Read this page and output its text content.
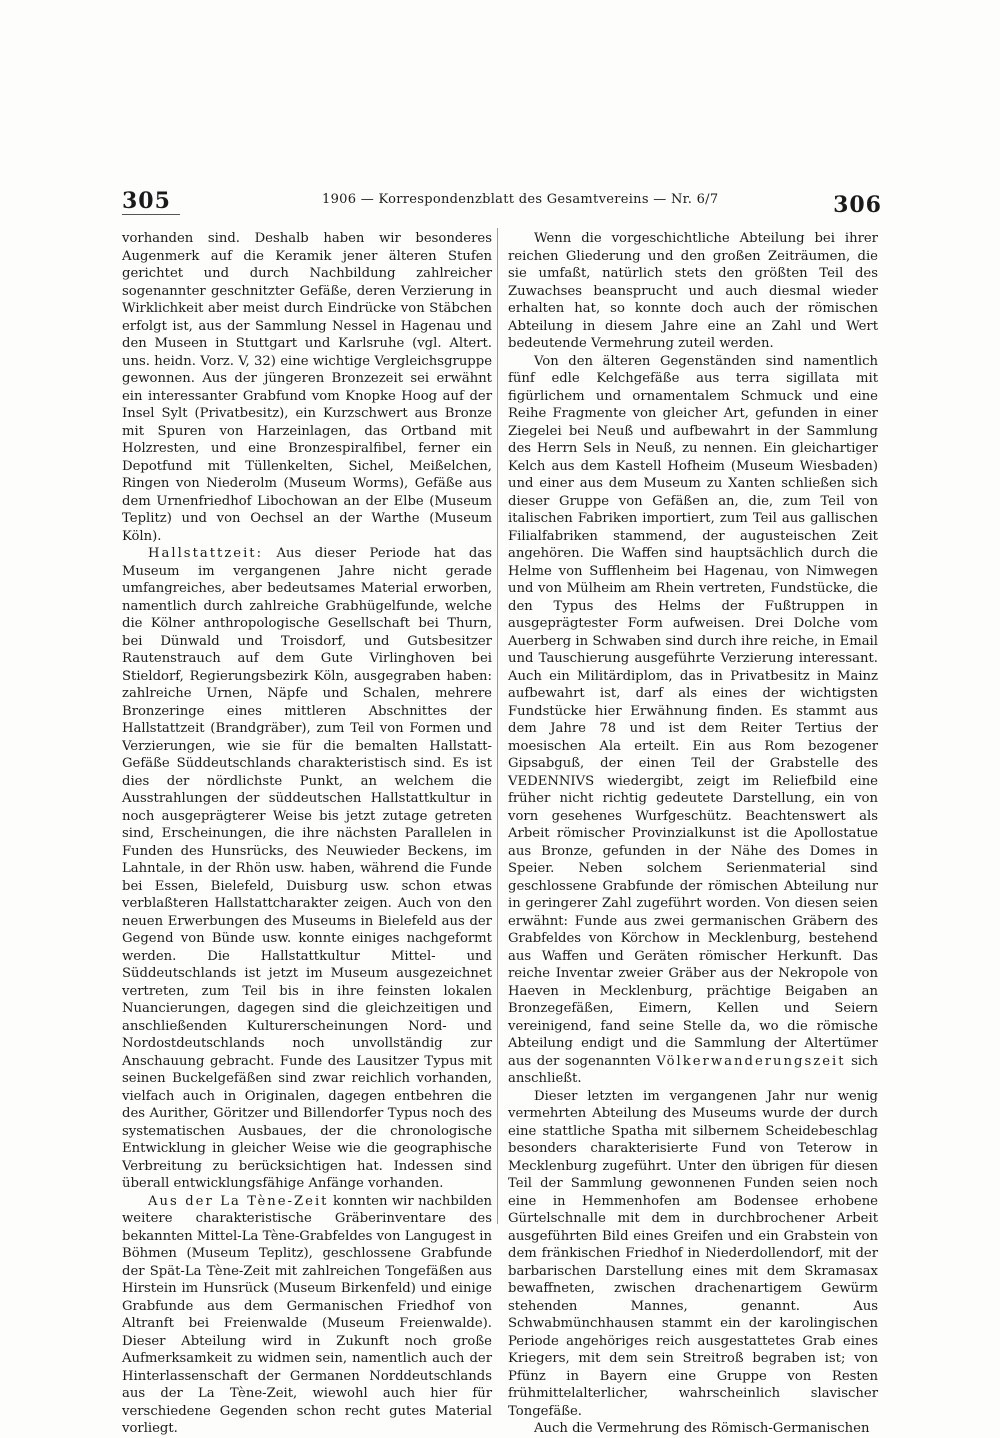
305	1906 — Korrespondenzblatt des Gesamtvereins — Nr. 6/7	306

vorhanden sind. Deshalb haben wir besonderes Augenmerk auf die Keramik jener älteren Stufen gerichtet und durch Nachbildung zahlreicher sogenannter geschnitzter Gefäße, deren Verzierung in Wirklichkeit aber meist durch Eindrücke von Stäbchen erfolgt ist, aus der Sammlung Nessel in Hagenau und den Museen in Stuttgart und Karlsruhe (vgl. Altert. uns. heidn. Vorz. V, 32) eine wichtige Vergleichsgruppe gewonnen. Aus der jüngeren Bronzezeit sei erwähnt ein interessanter Grabfund vom Knopke Hoog auf der Insel Sylt (Privatbesitz), ein Kurzschwert aus Bronze mit Spuren von Harzeinlagen, das Ortband mit Holzresten, und eine Bronzespiralfibel, ferner ein Depotfund mit Tüllenkelten, Sichel, Meißelchen, Ringen von Niederolm (Museum Worms), Gefäße aus dem Urnenfriedhof Libochowan an der Elbe (Museum Teplitz) und von Oechsel an der Warthe (Museum Köln).

Hallstattzeit: Aus dieser Periode hat das Museum im vergangenen Jahre nicht gerade umfangreiches, aber bedeutsames Material erworben, namentlich durch zahlreiche Grabhügelfunde, welche die Kölner anthropologische Gesellschaft bei Thurn, bei Dünwald und Troisdorf, und Gutsbesitzer Rautenstrauch auf dem Gute Virlinghoven bei Stieldorf, Regierungsbezirk Köln, ausgegraben haben: zahlreiche Urnen, Näpfe und Schalen, mehrere Bronzeringe eines mittleren Abschnittes der Hallstattzeit (Brandgräber), zum Teil von Formen und Verzierungen, wie sie für die bemalten Hallstatt-Gefäße Süddeutschlands charakteristisch sind. Es ist dies der nördlichste Punkt, an welchem die Ausstrahlungen der süddeutschen Hallstattkultur in noch ausgeprägterer Weise bis jetzt zutage getreten sind, Erscheinungen, die ihre nächsten Parallelen in Funden des Hunsrücks, des Neuwieder Beckens, im Lahntale, in der Rhön usw. haben, während die Funde bei Essen, Bielefeld, Duisburg usw. schon etwas verblaßteren Hallstattcharakter zeigen. Auch von den neuen Erwerbungen des Museums in Bielefeld aus der Gegend von Bünde usw. konnte einiges nachgeformt werden. Die Hallstattkultur Mittel- und Süddeutschlands ist jetzt im Museum ausgezeichnet vertreten, zum Teil bis in ihre feinsten lokalen Nuancierungen, dagegen sind die gleichzeitigen und anschließenden Kulturerscheinungen Nord- und Nordostdeutschlands noch unvollständig zur Anschauung gebracht. Funde des Lausitzer Typus mit seinen Buckelgefäßen sind zwar reichlich vorhanden, vielfach auch in Originalen, dagegen entbehren die des Aurither, Göritzer und Billendorfer Typus noch des systematischen Ausbaues, der die chronologische Entwicklung in gleicher Weise wie die geographische Verbreitung zu berücksichtigen hat. Indessen sind überall entwicklungsfähige Anfänge vorhanden.

Aus der La Tène-Zeit konnten wir nachbilden weitere charakteristische Gräberinventare des bekannten Mittel-La Tène-Grabfeldes von Langugest in Böhmen (Museum Teplitz), geschlossene Grabfunde der Spät-La Tène-Zeit mit zahlreichen Tongefäßen aus Hirstein im Hunsrück (Museum Birkenfeld) und einige Grabfunde aus dem Germanischen Friedhof von Altranft bei Freienwalde (Museum Freienwalde). Dieser Abteilung wird in Zukunft noch große Aufmerksamkeit zu widmen sein, namentlich auch der Hinterlassenschaft der Germanen Norddeutschlands aus der La Tène-Zeit, wiewohl auch hier für verschiedene Gegenden schon recht gutes Material vorliegt.

Wenn die vorgeschichtliche Abteilung bei ihrer reichen Gliederung und den großen Zeiträumen, die sie umfaßt, natürlich stets den größten Teil des Zuwachses beansprucht und auch diesmal wieder erhalten hat, so konnte doch auch der römischen Abteilung in diesem Jahre eine an Zahl und Wert bedeutende Vermehrung zuteil werden.

Von den älteren Gegenständen sind namentlich fünf edle Kelchgefäße aus terra sigillata mit figürlichem und ornamentalem Schmuck und eine Reihe Fragmente von gleicher Art, gefunden in einer Ziegelei bei Neuß und aufbewahrt in der Sammlung des Herrn Sels in Neuß, zu nennen. Ein gleichartiger Kelch aus dem Kastell Hofheim (Museum Wiesbaden) und einer aus dem Museum zu Xanten schließen sich dieser Gruppe von Gefäßen an, die, zum Teil von italischen Fabriken importiert, zum Teil aus gallischen Filialfabriken stammend, der augusteischen Zeit angehören. Die Waffen sind hauptsächlich durch die Helme von Sufflenheim bei Hagenau, von Nimwegen und von Mülheim am Rhein vertreten, Fundstücke, die den Typus des Helms der Fußtruppen in ausgeprägtester Form aufweisen. Drei Dolche vom Auerberg in Schwaben sind durch ihre reiche, in Email und Tauschierung ausgeführte Verzierung interessant. Auch ein Militärdiplom, das in Privatbesitz in Mainz aufbewahrt ist, darf als eines der wichtigsten Fundstücke hier Erwähnung finden. Es stammt aus dem Jahre 78 und ist dem Reiter Tertius der moesischen Ala erteilt. Ein aus Rom bezogener Gipsabguß, der einen Teil der Grabstelle des VEDENNIVS wiedergibt, zeigt im Reliefbild eine früher nicht richtig gedeutete Darstellung, ein von vorn gesehenes Wurfgeschütz. Beachtenswert als Arbeit römischer Provinzialkunst ist die Apollostatue aus Bronze, gefunden in der Nähe des Domes in Speier. Neben solchem Serienmaterial sind geschlossene Grabfunde der römischen Abteilung nur in geringerer Zahl zugeführt worden. Von diesen seien erwähnt: Funde aus zwei germanischen Gräbern des Grabfeldes von Körchow in Mecklenburg, bestehend aus Waffen und Geräten römischer Herkunft. Das reiche Inventar zweier Gräber aus der Nekropole von Haeven in Mecklenburg, prächtige Beigaben an Bronzegefäßen, Eimern, Kellen und Seiern vereinigend, fand seine Stelle da, wo die römische Abteilung endigt und die Sammlung der Altertümer aus der sogenannten Völkerwanderungszeit sich anschließt.

Dieser letzten im vergangenen Jahr nur wenig vermehrten Abteilung des Museums wurde der durch eine stattliche Spatha mit silbernem Scheidebeschlag besonders charakterisierte Fund von Teterow in Mecklenburg zugeführt. Unter den übrigen für diesen Teil der Sammlung gewonnenen Funden seien noch eine in Hemmenhofen am Bodensee erhobene Gürtelschnalle mit dem in durchbrochener Arbeit ausgeführten Bild eines Greifen und ein Grabstein von dem fränkischen Friedhof in Niederdollendorf, mit der barbarischen Darstellung eines mit dem Skramasax bewaffneten, zwischen drachenartigem Gewürm stehenden Mannes, genannt. Aus Schwabmünchhausen stammt ein der karolingischen Periode angehöriges reich ausgestattetes Grab eines Kriegers, mit dem sein Streitroß begraben ist; von Pfünz in Bayern eine Gruppe von Resten frühmittelalterlicher, wahrscheinlich slavischer Tongefäße.

Auch die Vermehrung des Römisch-Germanischen
